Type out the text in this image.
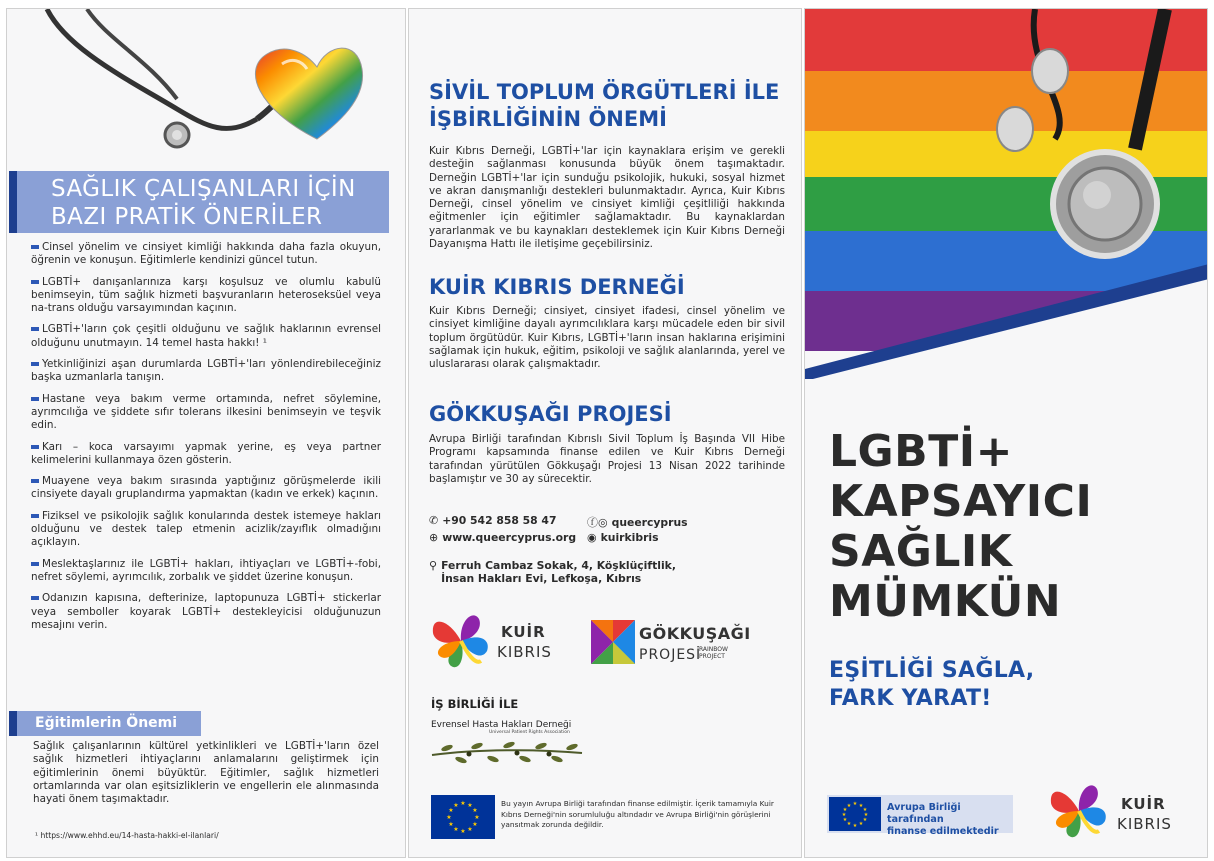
SAĞLIK ÇALIŞANLARI İÇİN
BAZI PRATİK ÖNERİLER
Cinsel yönelim ve cinsiyet kimliği hakkında daha fazla okuyun, öğrenin ve konuşun. Eğitimlerle kendinizi güncel tutun.
LGBTİ+ danışanlarınıza karşı koşulsuz ve olumlu kabulü benimseyin, tüm sağlık hizmeti başvuranların heteroseksüel veya na-trans olduğu varsayımından kaçının.
LGBTİ+'ların çok çeşitli olduğunu ve sağlık haklarının evrensel olduğunu unutmayın. 14 temel hasta hakkı! ¹
Yetkinliğinizi aşan durumlarda LGBTİ+'ları yönlendirebileceğiniz başka uzmanlarla tanışın.
Hastane veya bakım verme ortamında, nefret söylemine, ayrımcılığa ve şiddete sıfır tolerans ilkesini benimseyin ve teşvik edin.
Karı – koca varsayımı yapmak yerine, eş veya partner kelimelerini kullanmaya özen gösterin.
Muayene veya bakım sırasında yaptığınız görüşmelerde ikili cinsiyete dayalı gruplandırma yapmaktan (kadın ve erkek) kaçının.
Fiziksel ve psikolojik sağlık konularında destek istemeye hakları olduğunu ve destek talep etmenin acizlik/zayıflık olmadığını açıklayın.
Meslektaşlarınız ile LGBTİ+ hakları, ihtiyaçları ve LGBTİ+-fobi, nefret söylemi, ayrımcılık, zorbalık ve şiddet üzerine konuşun.
Odanızın kapısına, defterinize, laptopunuza LGBTİ+ stickerlar veya semboller koyarak LGBTİ+ destekleyicisi olduğunuzun mesajını verin.
Eğitimlerin Önemi

Sağlık çalışanlarının kültürel yetkinlikleri ve LGBTİ+'ların özel sağlık hizmetleri ihtiyaçlarını anlamalarını geliştirmek için eğitimlerinin önemi büyüktür. Eğitimler, sağlık hizmetleri ortamlarında var olan eşitsizliklerin ve engellerin ele alınmasında hayati önem taşımaktadır.

¹ https://www.ehhd.eu/14-hasta-hakki-el-ilanlari/

SİVİL TOPLUM ÖRGÜTLERİ İLE İŞBİRLİĞİNİN ÖNEMİ

Kuir Kıbrıs Derneği, LGBTİ+'lar için kaynaklara erişim ve gerekli desteğin sağlanması konusunda büyük önem taşımaktadır. Derneğin LGBTİ+'lar için sunduğu psikolojik, hukuki, sosyal hizmet ve akran danışmanlığı destekleri bulunmaktadır. Ayrıca, Kuir Kıbrıs Derneği, cinsel yönelim ve cinsiyet kimliği çeşitliliği hakkında eğitmenler için eğitimler sağlamaktadır. Bu kaynaklardan yararlanmak ve bu kaynakları desteklemek için Kuir Kıbrıs Derneği Dayanışma Hattı ile iletişime geçebilirsiniz.

KUİR KIBRIS DERNEĞİ

Kuir Kıbrıs Derneği; cinsiyet, cinsiyet ifadesi, cinsel yönelim ve cinsiyet kimliğine dayalı ayrımcılıklara karşı mücadele eden bir sivil toplum örgütüdür. Kuir Kıbrıs, LGBTİ+'ların insan haklarına erişimini sağlamak için hukuk, eğitim, psikoloji ve sağlık alanlarında, yerel ve uluslararası olarak çalışmaktadır.

GÖKKUŞAĞI PROJESİ

Avrupa Birliği tarafından Kıbrıslı Sivil Toplum İş Başında VII Hibe Programı kapsamında finanse edilen ve Kuir Kıbrıs Derneği tarafından yürütülen Gökkuşağı Projesi 13 Nisan 2022 tarihinde başlamıştır ve 30 ay sürecektir.

✆ +90 542 858 58 47
⊕ www.queercyprus.org
ⓕ◎ queercyprus
◉ kuirkibris
⚲ Ferruh Cambaz Sokak, 4, Köşklüçiftlik,
İnsan Hakları Evi, Lefkoşa, Kıbrıs
KUİR
KIBRIS
GÖKKUŞAĞI
PROJESİ
RAINBOW PROJECT
İŞ BİRLİĞİ İLE
Evrensel Hasta Hakları Derneği
Universal Patient Rights Association
★ ★
★
★
★
★
★
★
★
★
★
★	Bu yayın Avrupa Birliği tarafından finanse edilmiştir. İçerik tamamıyla Kuir Kıbrıs Derneği'nin sorumluluğu altındadır ve Avrupa Birliği'nin görüşlerini yansıtmak zorunda değildir.

LGBTİ+
KAPSAYICI
SAĞLIK
MÜMKÜN
EŞİTLİĞİ SAĞLA,
FARK YARAT!
★ ★
★
★
★
★
★
★
★
★
★
★	Avrupa Birliği tarafından
finanse edilmektedir
KUİR
KIBRIS
